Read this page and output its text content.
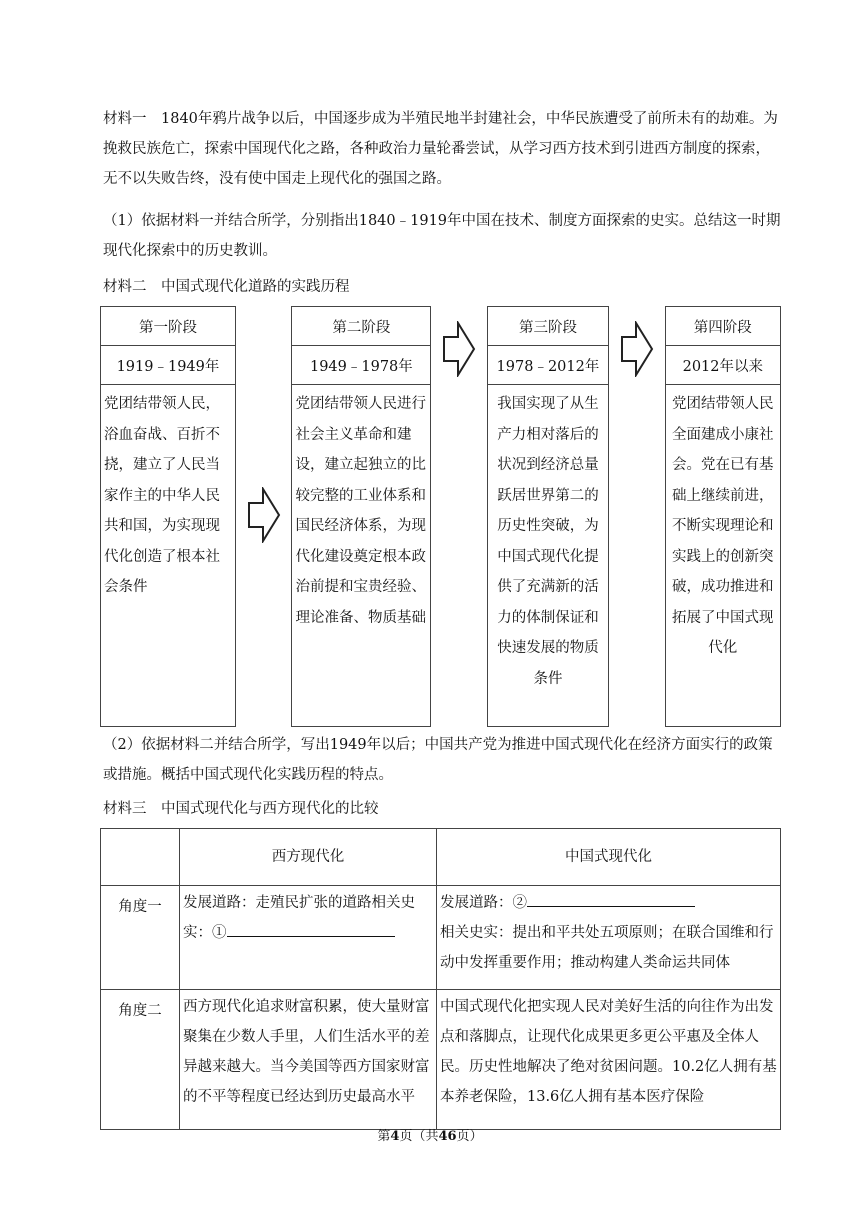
材料一　1840年鸦片战争以后，中国逐步成为半殖民地半封建社会，中华民族遭受了前所未有的劫难。为挽救民族危亡，探索中国现代化之路，各种政治力量轮番尝试，从学习西方技术到引进西方制度的探索，无不以失败告终，没有使中国走上现代化的强国之路。

（1）依据材料一并结合所学，分别指出1840﹣1919年中国在技术、制度方面探索的史实。总结这一时期现代化探索中的历史教训。

材料二　中国式现代化道路的实践历程

第一阶段		第二阶段		第三阶段		第四阶段
1919﹣1949年		1949﹣1978年		1978﹣2012年		2012年以来
党团结带领人民，浴血奋战、百折不挠，建立了人民当家作主的中华人民共和国，为实现现代化创造了根本社会条件		党团结带领人民进行社会主义革命和建设，建立起独立的比较完整的工业体系和国民经济体系，为现代化建设奠定根本政治前提和宝贵经验、理论准备、物质基础		我国实现了从生产力相对落后的状况到经济总量跃居世界第二的历史性突破，为中国式现代化提供了充满新的活力的体制保证和快速发展的物质条件		党团结带领人民全面建成小康社会。党在已有基础上继续前进，不断实现理论和实践上的创新突破，成功推进和拓展了中国式现代化

（2）依据材料二并结合所学，写出1949年以后；中国共产党为推进中国式现代化在经济方面实行的政策或措施。概括中国式现代化实践历程的特点。

材料三　中国式现代化与西方现代化的比较

	西方现代化	中国式现代化
角度一	发展道路：走殖民扩张的道路相关史实：①	发展道路：②
相关史实：提出和平共处五项原则；在联合国维和行动中发挥重要作用；推动构建人类命运共同体
角度二	西方现代化追求财富积累，使大量财富聚集在少数人手里，人们生活水平的差异越来越大。当今美国等西方国家财富的不平等程度已经达到历史最高水平	中国式现代化把实现人民对美好生活的向往作为出发点和落脚点，让现代化成果更多更公平惠及全体人民。历史性地解决了绝对贫困问题。10.2亿人拥有基本养老保险，13.6亿人拥有基本医疗保险
第4页（共46页）
